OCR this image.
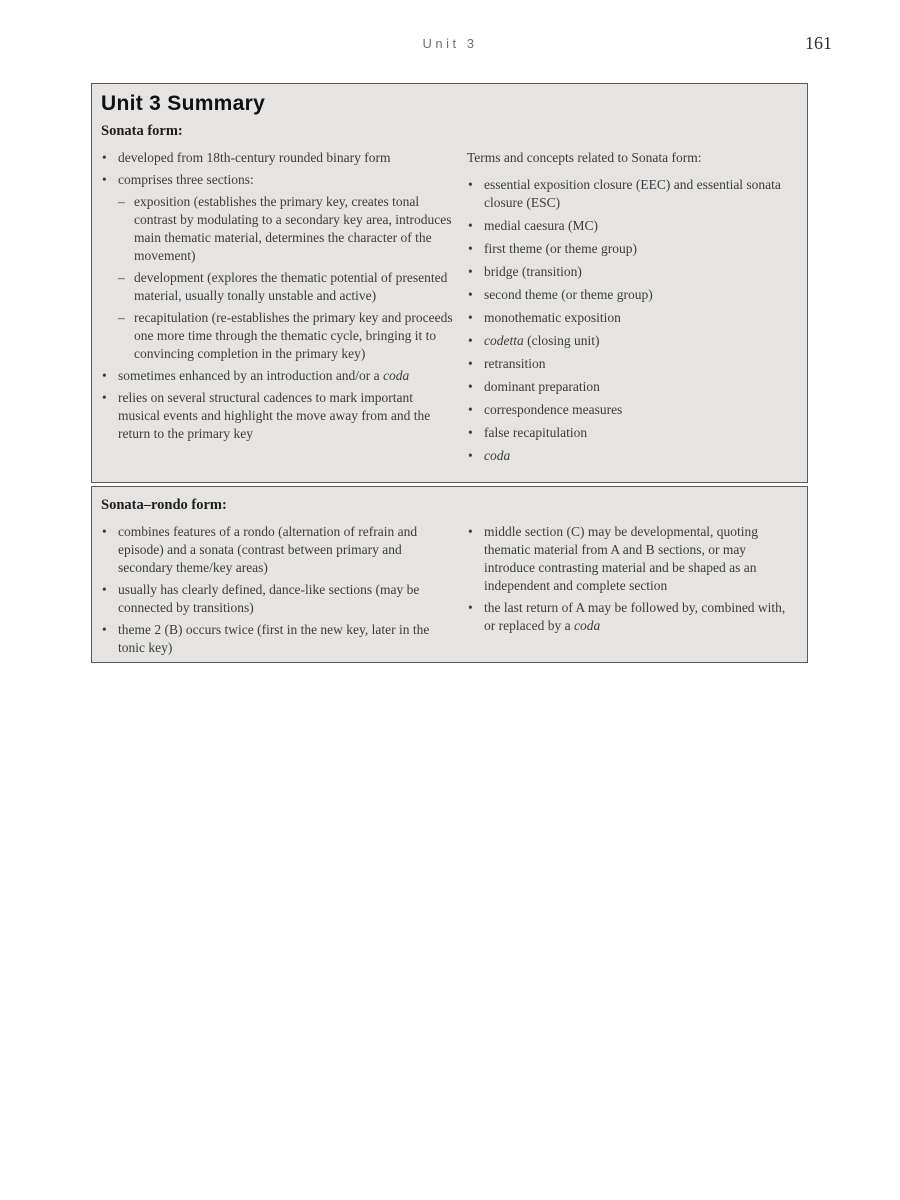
Unit 3	161
Unit 3 Summary
Sonata form:
• developed from 18th-century rounded binary form
• comprises three sections:
– exposition (establishes the primary key, creates tonal contrast by modulating to a secondary key area, introduces main thematic material, determines the character of the movement)
– development (explores the thematic potential of presented material, usually tonally unstable and active)
– recapitulation (re-establishes the primary key and proceeds one more time through the thematic cycle, bringing it to convincing completion in the primary key)
• sometimes enhanced by an introduction and/or a coda
• relies on several structural cadences to mark important musical events and highlight the move away from and the return to the primary key
Terms and concepts related to Sonata form:
• essential exposition closure (EEC) and essential sonata closure (ESC)
• medial caesura (MC)
• first theme (or theme group)
• bridge (transition)
• second theme (or theme group)
• monothematic exposition
• codetta (closing unit)
• retransition
• dominant preparation
• correspondence measures
• false recapitulation
• coda
Sonata–rondo form:
• combines features of a rondo (alternation of refrain and episode) and a sonata (contrast between primary and secondary theme/key areas)
• usually has clearly defined, dance-like sections (may be connected by transitions)
• theme 2 (B) occurs twice (first in the new key, later in the tonic key)
• middle section (C) may be developmental, quoting thematic material from A and B sections, or may introduce contrasting material and be shaped as an independent and complete section
• the last return of A may be followed by, combined with, or replaced by a coda
